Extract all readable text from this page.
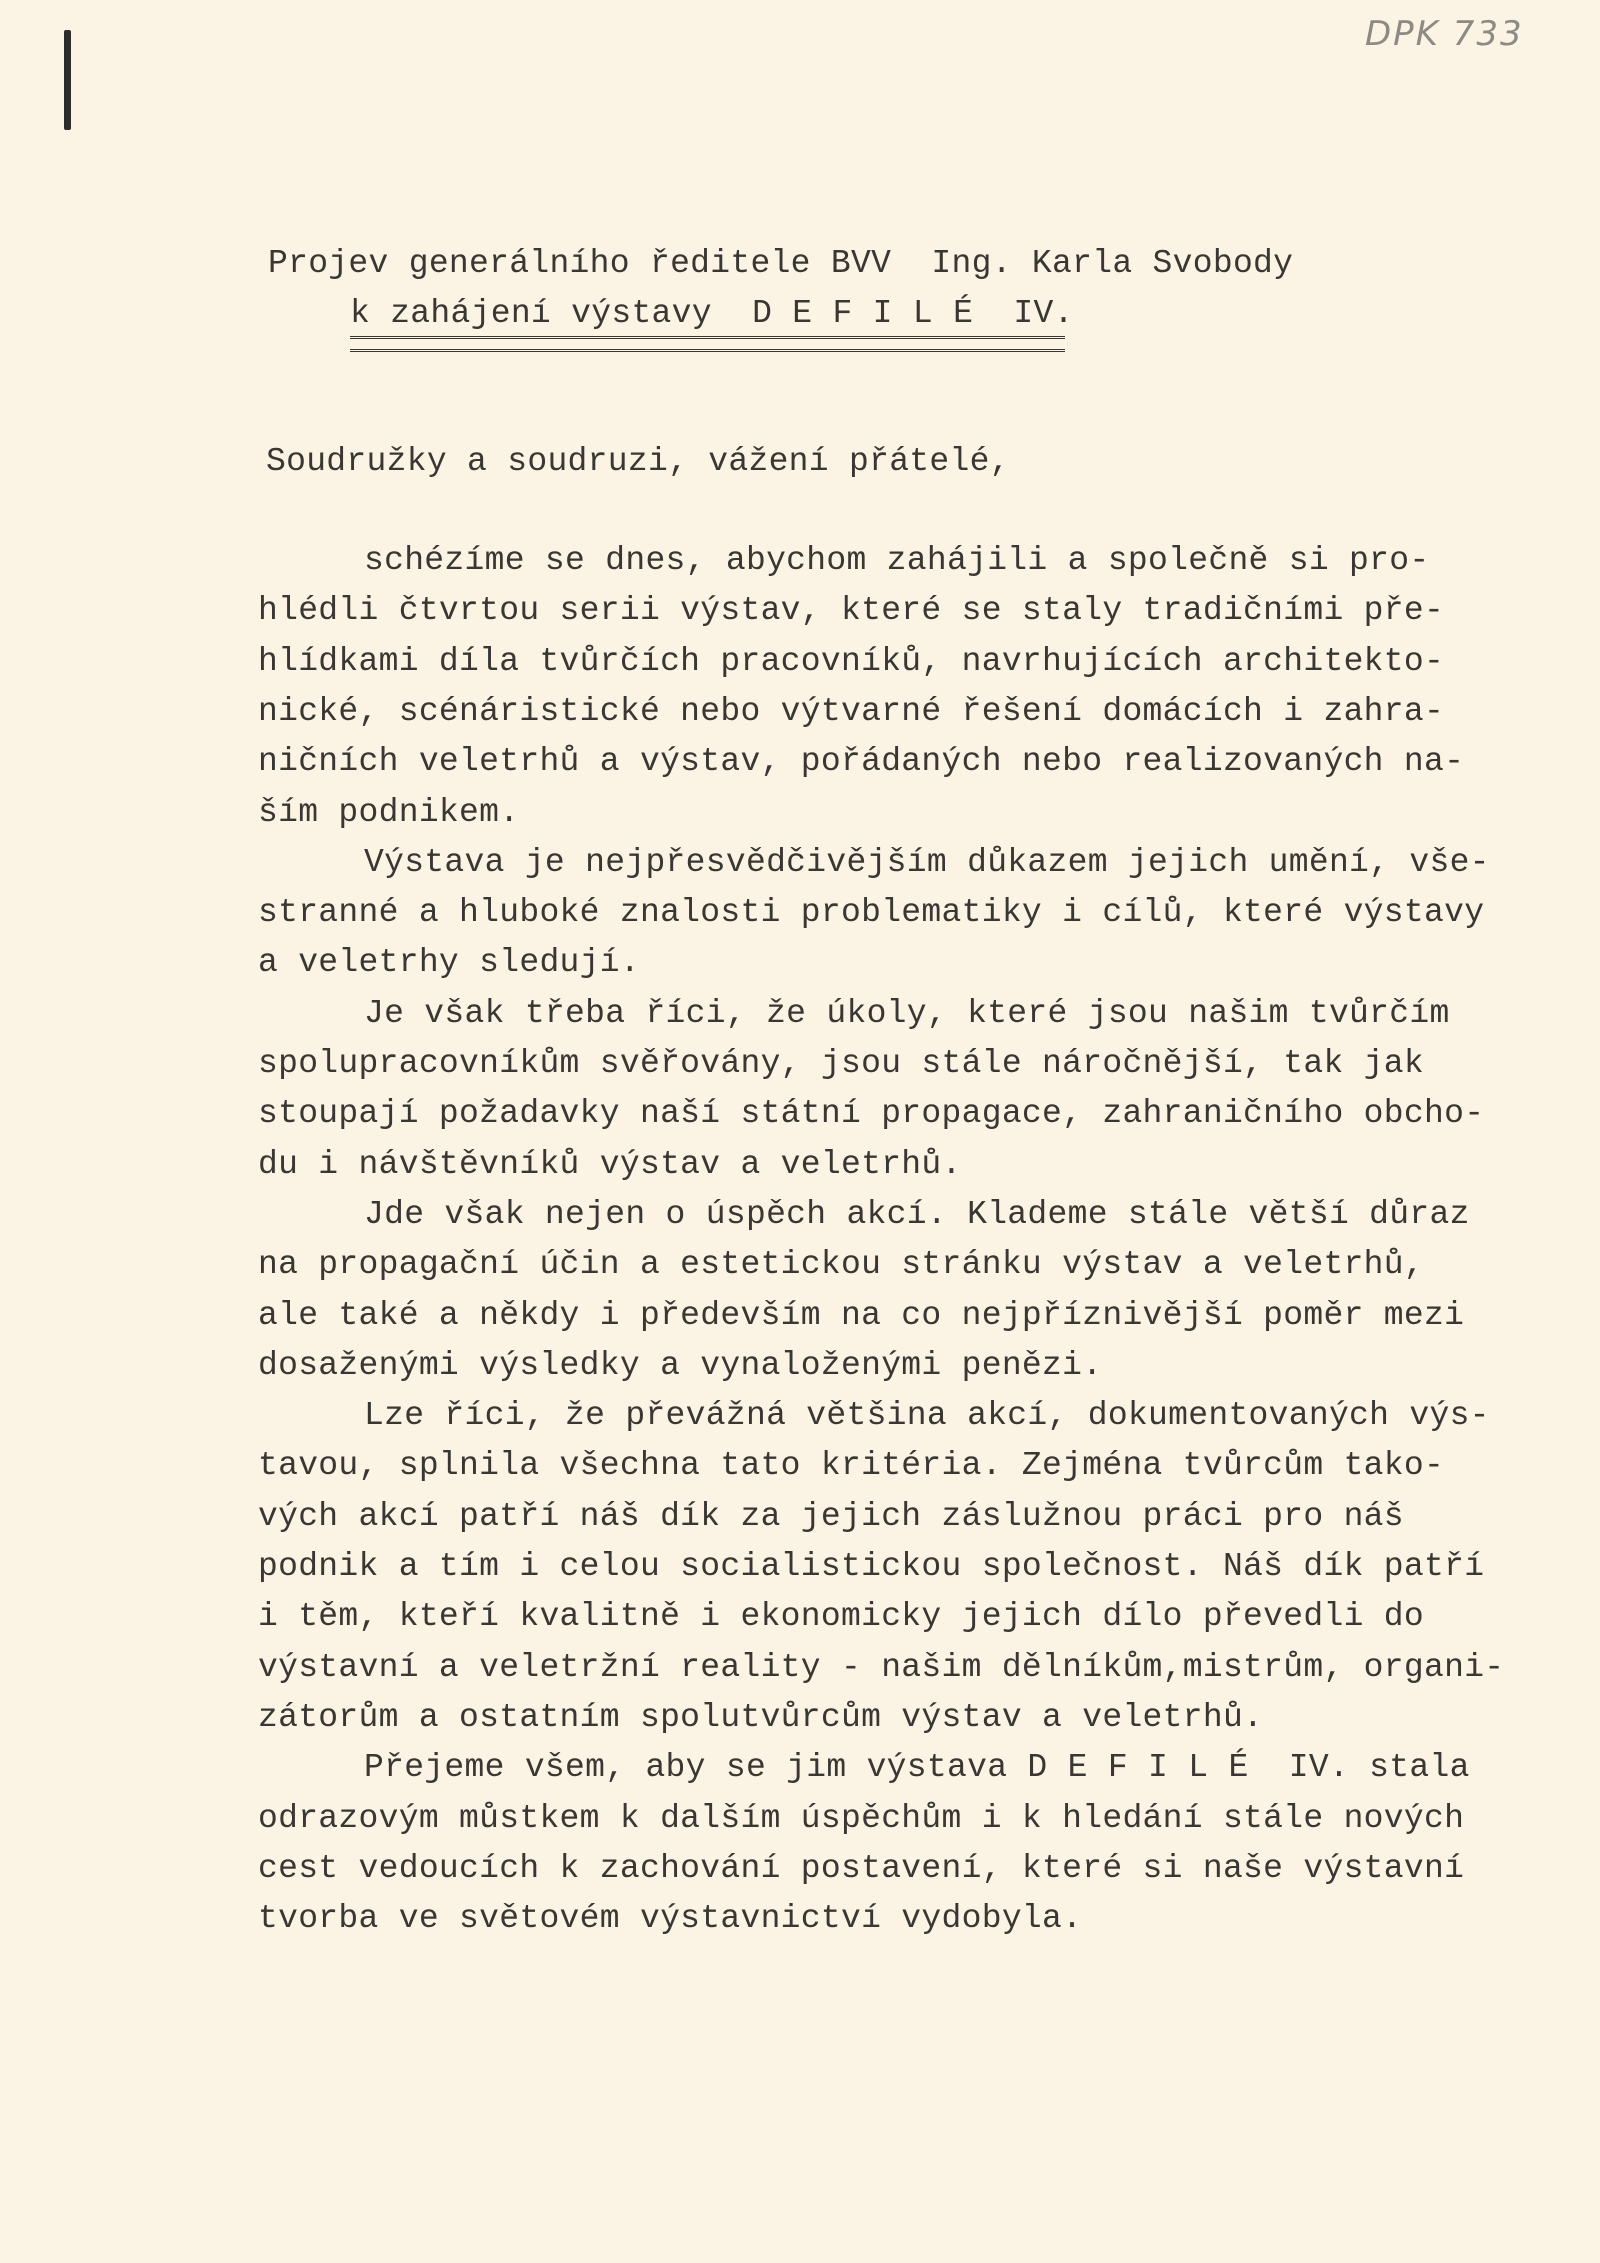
DPK 733
Projev generálního ředitele BVV  Ing. Karla Svobody
k zahájení výstavy  D E F I L É  IV.
Soudružky a soudruzi, vážení přátelé,
schézíme se dnes, abychom zahájili a společně si pro-
hlédli čtvrtou serii výstav, které se staly tradičními pře-
hlídkami díla tvůrčích pracovníků, navrhujících architekto-
nické, scénáristické nebo výtvarné řešení domácích i zahra-
ničních veletrhů a výstav, pořádaných nebo realizovaných na-
ším podnikem.
Výstava je nejpřesvědčivějším důkazem jejich umění, vše-
stranné a hluboké znalosti problematiky i cílů, které výstavy
a veletrhy sledují.
Je však třeba říci, že úkoly, které jsou našim tvůrčím
spolupracovníkům svěřovány, jsou stále náročnější, tak jak
stoupají požadavky naší státní propagace, zahraničního obcho-
du i návštěvníků výstav a veletrhů.
Jde však nejen o úspěch akcí. Klademe stále větší důraz
na propagační účin a estetickou stránku výstav a veletrhů,
ale také a někdy i především na co nejpříznivější poměr mezi
dosaženými výsledky a vynaloženými penězi.
Lze říci, že převážná většina akcí, dokumentovaných výs-
tavou, splnila všechna tato kritéria. Zejména tvůrcům tako-
vých akcí patří náš dík za jejich záslužnou práci pro náš
podnik a tím i celou socialistickou společnost. Náš dík patří
i těm, kteří kvalitně i ekonomicky jejich dílo převedli do
výstavní a veletržní reality - našim dělníkům,mistrům, organi-
zátorům a ostatním spolutvůrcům výstav a veletrhů.
Přejeme všem, aby se jim výstava D E F I L É  IV. stala
odrazovým můstkem k dalším úspěchům i k hledání stále nových
cest vedoucích k zachování postavení, které si naše výstavní
tvorba ve světovém výstavnictví vydobyla.
